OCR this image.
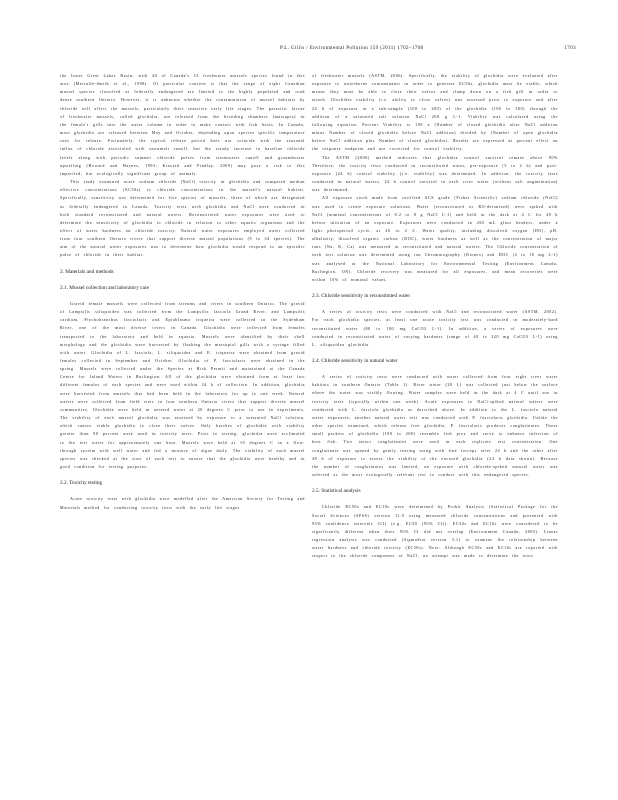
P.L. Gillis / Environmental Pollution 159 (2011) 1702–1708	1703

the lower Great Lakes Basin, with 40 of Canada's 53 freshwater mussels species found in this area (Metcalfe-Smith et al., 1998). Of particular concern is that the range of eight Canadian mussel species classified as federally endangered are limited to the highly populated and road dense southern Ontario. However, it is unknown whether the contamination of mussel habitats by chloride will affect the mussels, particularly their sensitive early life stages. The parasitic larvae of freshwater mussels, called glochidia, are released from the brooding chambers (marsupia) in the female's gills into the water column in order to make contact with fish hosts. In Canada, most glochidia are released between May and October, depending upon species specific temperature cues for release. Fortunately, the typical release period does not coincide with the seasonal influx of chloride associated with snowmelt runoff, but the steady increase in baseline chloride levels along with periodic summer chloride pulses from stormwater runoff and groundwater upwelling (Howard and Haynes, 1993; Kincaid and Findlay, 2009) may pose a risk to this imperiled, but ecologically significant group of animals.

This study examined acute sodium chloride (NaCl) toxicity in glochidia and compared median effective concentrations (EC50s) to chloride concentrations in the mussel's natural habitat. Specifically, sensitivity was determined for five species of mussels, three of which are designated as federally endangered in Canada. Toxicity tests with glochidia and NaCl were conducted in both standard reconstituted and natural waters. Reconstituted water exposures were used to determine the sensitivity of glochidia to chloride in relation to other aquatic organisms and the effect of water hardness on chloride toxicity. Natural water exposures employed water collected from four southern Ontario rivers that support diverse mussel populations (9 to 34 species). The aim of the natural water exposures was to determine how glochidia would respond to an episodic pulse of chloride in their habitat.

2. Materials and methods
2.1. Mussel collection and laboratory care

Gravid female mussels were collected from streams and rivers in southern Ontario. The gravid of Lampsilis siliquoidea was collected from the Lampsilis fasciola Grand River, and Lampsilis cardium, Ptychobranchus fasciolaris and Epioblasma triquetra were collected in the Sydenham River, one of the most diverse rivers in Canada. Glochidia were collected from females transported to the laboratory and held in aquaria. Mussels were identified by their shell morphology and the glochidia were harvested by flushing the marsupial gills with a syringe filled with water. Glochidia of L. fasciola, L. siliquoidea and E. triquetra were obtained from gravid females collected in September and October. Glochidia of P. fasciolaris were obtained in the spring. Mussels were collected under the Species at Risk Permit and maintained at the Canada Centre for Inland Waters in Burlington. All of the glochidia were obtained from at least two different females of each species and were used within 24 h of collection. In addition, glochidia were harvested from mussels that had been held in the laboratory for up to one week. Natural waters were collected from field sites in four southern Ontario rivers that support diverse mussel communities. Glochidia were held in aerated water at 20 degrees C prior to use in experiments. The viability of each mussel glochidia was assessed by exposure to a saturated NaCl solution, which causes viable glochidia to close their valves. Only batches of glochidia with viability greater than 90 percent were used in toxicity tests. Prior to testing, glochidia were acclimated to the test water for approximately one hour. Mussels were held at 10 degrees C in a flow-through system with well water and fed a mixture of algae daily. The viability of each mussel species was checked at the start of each test to ensure that the glochidia were healthy and in good condition for testing purposes.

2.2. Toxicity testing

Acute toxicity tests with glochidia were modelled after the American Society for Testing and Materials method for conducting toxicity tests with the early life stages

of freshwater mussels (ASTM, 2006). Specifically, the viability of glochidia were evaluated after exposure to waterborne contaminants in order to generate EC50s, glochidia must be viable, which means they must be able to close their valves and clamp down on a fish gill in order to attach. Glochidia viability (i.e. ability to close valves) was assessed prior to exposure and after 24 h of exposure in a sub-sample (100 to 200) of the glochidia (100 to 300) through the addition of a saturated salt solution NaCl 200 g L-1. Viability was calculated using the following equation: Percent Viability is 100 x (Number of closed glochidia after NaCl addition minus Number of closed glochidia before NaCl addition) divided by (Number of open glochidia before NaCl addition plus Number of closed glochidia). Results are expressed as percent effect on the response endpoint and are corrected for control viability.

The ASTM (2006) method indicates that glochidia control survival remain above 90% Therefore, the toxicity tests conducted in reconstituted water, pre-exposure (5 to 2 h) and post-exposure (24 h) control viability (i.e. viability) was determined. In addition, the toxicity tests conducted in natural waters, 24 h control survival in each river water (without salt augmentation) was determined.

All exposure stock made from certified ACS grade (Fisher Scientific) sodium chloride (NaCl) was used to create exposure solutions. Water (reconstituted or RO-deionized) were spiked with NaCl (nominal concentrations of 0.2 to 8 g NaCl L-1) and held in the dark at 4 C for 48 h before initiation of an exposure. Exposures were conducted in 265 mL glass beakers, under a light photoperiod cycle, at 20 to 2 C. Water quality, including dissolved oxygen (DO), pH, alkalinity, dissolved organic carbon (DOC), water hardness as well as the concentration of major ions (Na, K, Ca) was measured in reconstituted and natural waters. The Chloride concentration of each test solution was determined using ion Chromatography (Dionex) and DOC (2 to 10 mg L-1) was analysed at the National Laboratory for Environmental Testing (Environment Canada, Burlington, ON). Chloride recovery was measured for all exposures, and mean recoveries were within 10% of nominal values.

2.3. Chloride sensitivity in reconstituted water

A series of toxicity tests were conducted with NaCl and reconstituted water (ASTM, 2002). For each glochidia species, at least one acute toxicity test was conducted in moderately-hard reconstituted water (80 to 100 mg CaCO3 L-1). In addition, a series of exposures were conducted in reconstituted water of varying hardness (range of 40 to 320 mg CaCO3 L-1) using L. siliquoidea glochidia.

2.4. Chloride sensitivity in natural water

A series of toxicity tests were conducted with water collected from four eight river water habitats in southern Ontario (Table 1). River water (20 L) was collected just below the surface where the water was visibly flowing. Water samples were held in the dark at 4 C until use in toxicity tests (typically within one week). Acute exposures to NaCl-spiked natural waters were conducted with L. fasciola glochidia as described above. In addition to the L. fasciola natural water exposures, another natural water test was conducted with P. fasciolaris glochidia. Unlike the other species examined, which release free glochidia, P. fasciolaris produces conglutinates. These small packets of glochidia (100 to 200) resemble fish prey and serve to enhance infection of host fish. Two intact conglutinates were used in each replicate test concentration. One conglutinate was opened by gently tearing using with fine forceps after 24 h and the other after 48 h of exposure to assess the viability of the encased glochidia (24 h data shown). Because the number of conglutinates was limited, an exposure with chloride-spiked natural water was selected as the most ecologically relevant test to conduct with this endangered species.

2.5. Statistical analysis

Chloride EC50s and EC10s were determined by Probit Analysis (Statistical Package for the Social Sciences (SPSS) version 11.0 using measured chloride concentrations and presented with 95% confidence intervals (CI) (e.g. EC50 (95% CI)). EC50s and EC10s were considered to be significantly different when their 95% CI did not overlap (Environment Canada, 2005). Linear regression analysis was conducted (SigmaStat version 3.1) to examine the relationship between water hardness and chloride toxicity (EC50s). Note: Although EC50s and EC10s are reported with respect to the chloride component of NaCl, no attempt was made to determine the toxic
